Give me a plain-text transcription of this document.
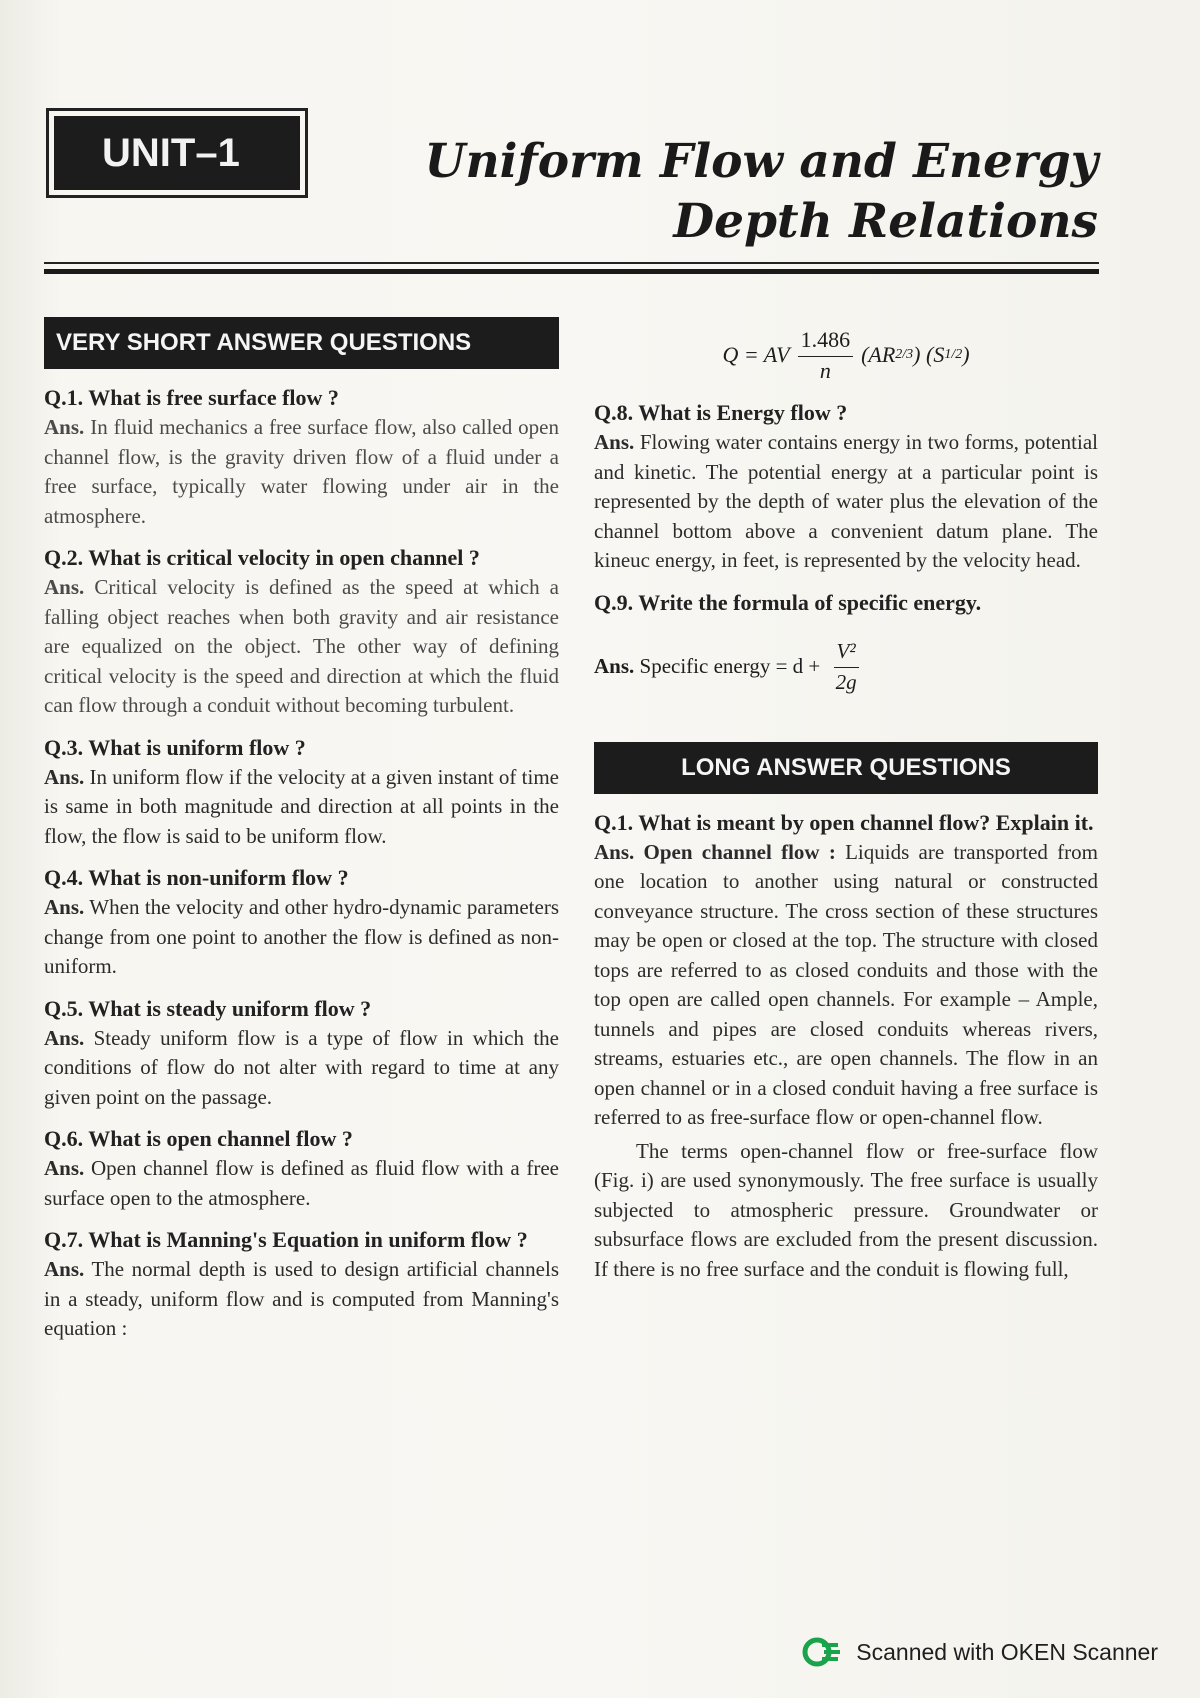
UNIT–1	Uniform Flow and Energy
Depth Relations
VERY SHORT ANSWER QUESTIONS
Q.1. What is free surface flow ?
Ans. In fluid mechanics a free surface flow, also called open channel flow, is the gravity driven flow of a fluid under a free surface, typically water flowing under air in the atmosphere.
Q.2. What is critical velocity in open channel ?
Ans. Critical velocity is defined as the speed at which a falling object reaches when both gravity and air resistance are equalized on the object. The other way of defining critical velocity is the speed and direction at which the fluid can flow through a conduit without becoming turbulent.
Q.3. What is uniform flow ?
Ans. In uniform flow if the velocity at a given instant of time is same in both magnitude and direction at all points in the flow, the flow is said to be uniform flow.
Q.4. What is non-uniform flow ?
Ans. When the velocity and other hydro-dynamic parameters change from one point to another the flow is defined as non-uniform.
Q.5. What is steady uniform flow ?
Ans. Steady uniform flow is a type of flow in which the conditions of flow do not alter with regard to time at any given point on the passage.
Q.6. What is open channel flow ?
Ans. Open channel flow is defined as fluid flow with a free surface open to the atmosphere.
Q.7. What is Manning's Equation in uniform flow ?
Ans. The normal depth is used to design artificial channels in a steady, uniform flow and is computed from Manning's equation :
Q = AV $\frac{1.486}{n} (AR$ 2/3 ) (S 1/2 )
Q.8. What is Energy flow ?
Ans. Flowing water contains energy in two forms, potential and kinetic. The potential energy at a particular point is represented by the depth of water plus the elevation of the channel bottom above a convenient datum plane. The kineuc energy, in feet, is represented by the velocity head.
Q.9. Write the formula of specific energy.
Ans. Specific energy = $d + \frac{\text{V²}}{2g}$
LONG ANSWER QUESTIONS
Q.1. What is meant by open channel flow? Explain it.
Ans. Open channel flow : Liquids are transported from one location to another using natural or constructed conveyance structure. The cross section of these structures may be open or closed at the top. The structure with closed tops are referred to as closed conduits and those with the top open are called open channels. For example – Ample, tunnels and pipes are closed conduits whereas rivers, streams, estuaries etc., are open channels. The flow in an open channel or in a closed conduit having a free surface is referred to as free-surface flow or open-channel flow.
The terms open-channel flow or free-surface flow (Fig. i) are used synonymously. The free surface is usually subjected to atmospheric pressure. Groundwater or subsurface flows are excluded from the present discussion. If there is no free surface and the conduit is flowing full,
Scanned with OKEN Scanner
